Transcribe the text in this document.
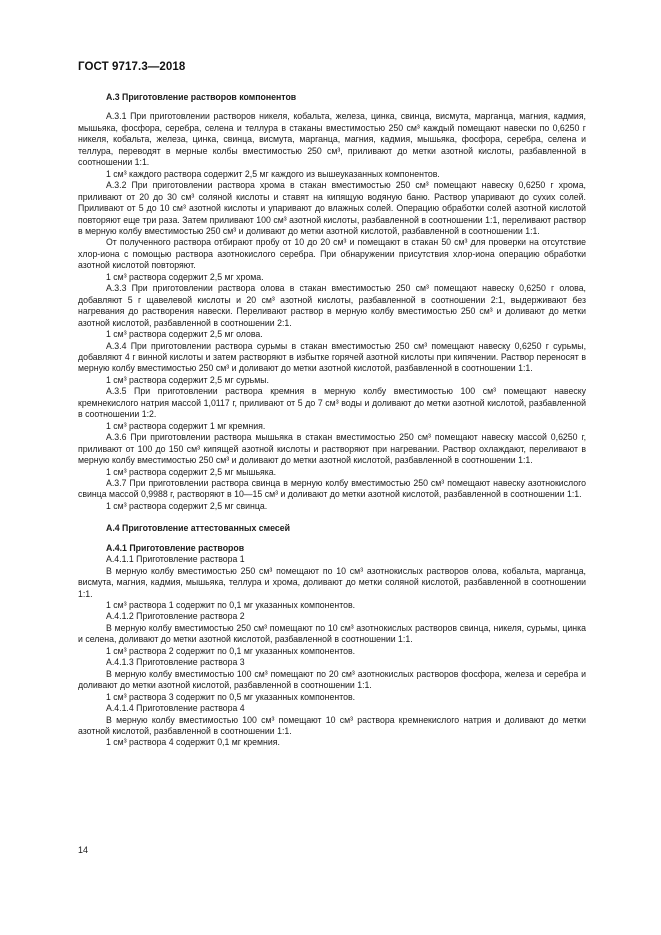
ГОСТ 9717.3—2018
А.3 Приготовление растворов компонентов

А.3.1 При приготовлении растворов никеля, кобальта, железа, цинка, свинца, висмута, марганца, магния, кадмия, мышьяка, фосфора, серебра, селена и теллура в стаканы вместимостью 250 см³ каждый помещают навески по 0,6250 г никеля, кобальта, железа, цинка, свинца, висмута, марганца, магния, кадмия, мышьяка, фосфора, серебра, селена и теллура, переводят в мерные колбы вместимостью 250 см³, приливают до метки азотной кислоты, разбавленной в соотношении 1:1.

1 см³ каждого раствора содержит 2,5 мг каждого из вышеуказанных компонентов.

А.3.2 При приготовлении раствора хрома в стакан вместимостью 250 см³ помещают навеску 0,6250 г хрома, приливают от 20 до 30 см³ соляной кислоты и ставят на кипящую водяную баню. Раствор упаривают до сухих солей. Приливают от 5 до 10 см³ азотной кислоты и упаривают до влажных солей. Операцию обработки солей азотной кислотой повторяют еще три раза. Затем приливают 100 см³ азотной кислоты, разбавленной в соотношении 1:1, переливают раствор в мерную колбу вместимостью 250 см³ и доливают до метки азотной кислотой, разбавленной в соотношении 1:1.

От полученного раствора отбирают пробу от 10 до 20 см³ и помещают в стакан 50 см³ для проверки на отсутствие хлор-иона с помощью раствора азотнокислого серебра. При обнаружении присутствия хлор-иона операцию обработки азотной кислотой повторяют.

1 см³ раствора содержит 2,5 мг хрома.

А.3.3 При приготовлении раствора олова в стакан вместимостью 250 см³ помещают навеску 0,6250 г олова, добавляют 5 г щавелевой кислоты и 20 см³ азотной кислоты, разбавленной в соотношении 2:1, выдерживают без нагревания до растворения навески. Переливают раствор в мерную колбу вместимостью 250 см³ и доливают до метки азотной кислотой, разбавленной в соотношении 2:1.

1 см³ раствора содержит 2,5 мг олова.

А.3.4 При приготовлении раствора сурьмы в стакан вместимостью 250 см³ помещают навеску 0,6250 г сурьмы, добавляют 4 г винной кислоты и затем растворяют в избытке горячей азотной кислоты при кипячении. Раствор переносят в мерную колбу вместимостью 250 см³ и доливают до метки азотной кислотой, разбавленной в соотношении 1:1.

1 см³ раствора содержит 2,5 мг сурьмы.

А.3.5 При приготовлении раствора кремния в мерную колбу вместимостью 100 см³ помещают навеску кремнекислого натрия массой 1,0117 г, приливают от 5 до 7 см³ воды и доливают до метки азотной кислотой, разбавленной в соотношении 1:2.

1 см³ раствора содержит 1 мг кремния.

А.3.6 При приготовлении раствора мышьяка в стакан вместимостью 250 см³ помещают навеску массой 0,6250 г, приливают от 100 до 150 см³ кипящей азотной кислоты и растворяют при нагревании. Раствор охлаждают, переливают в мерную колбу вместимостью 250 см³ и доливают до метки азотной кислотой, разбавленной в соотношении 1:1.

1 см³ раствора содержит 2,5 мг мышьяка.

А.3.7 При приготовлении раствора свинца в мерную колбу вместимостью 250 см³ помещают навеску азотнокислого свинца массой 0,9988 г, растворяют в 10—15 см³ и доливают до метки азотной кислотой, разбавленной в соотношении 1:1.

1 см³ раствора содержит 2,5 мг свинца.

А.4 Приготовление аттестованных смесей
А.4.1 Приготовление растворов

А.4.1.1 Приготовление раствора 1

В мерную колбу вместимостью 250 см³ помещают по 10 см³ азотнокислых растворов олова, кобальта, марганца, висмута, магния, кадмия, мышьяка, теллура и хрома, доливают до метки соляной кислотой, разбавленной в соотношении 1:1.

1 см³ раствора 1 содержит по 0,1 мг указанных компонентов.

А.4.1.2 Приготовление раствора 2

В мерную колбу вместимостью 250 см³ помещают по 10 см³ азотнокислых растворов свинца, никеля, сурьмы, цинка и селена, доливают до метки азотной кислотой, разбавленной в соотношении 1:1.

1 см³ раствора 2 содержит по 0,1 мг указанных компонентов.

А.4.1.3 Приготовление раствора 3

В мерную колбу вместимостью 100 см³ помещают по 20 см³ азотнокислых растворов фосфора, железа и серебра и доливают до метки азотной кислотой, разбавленной в соотношении 1:1.

1 см³ раствора 3 содержит по 0,5 мг указанных компонентов.

А.4.1.4 Приготовление раствора 4

В мерную колбу вместимостью 100 см³ помещают 10 см³ раствора кремнекислого натрия и доливают до метки азотной кислотой, разбавленной в соотношении 1:1.

1 см³ раствора 4 содержит 0,1 мг кремния.

14
